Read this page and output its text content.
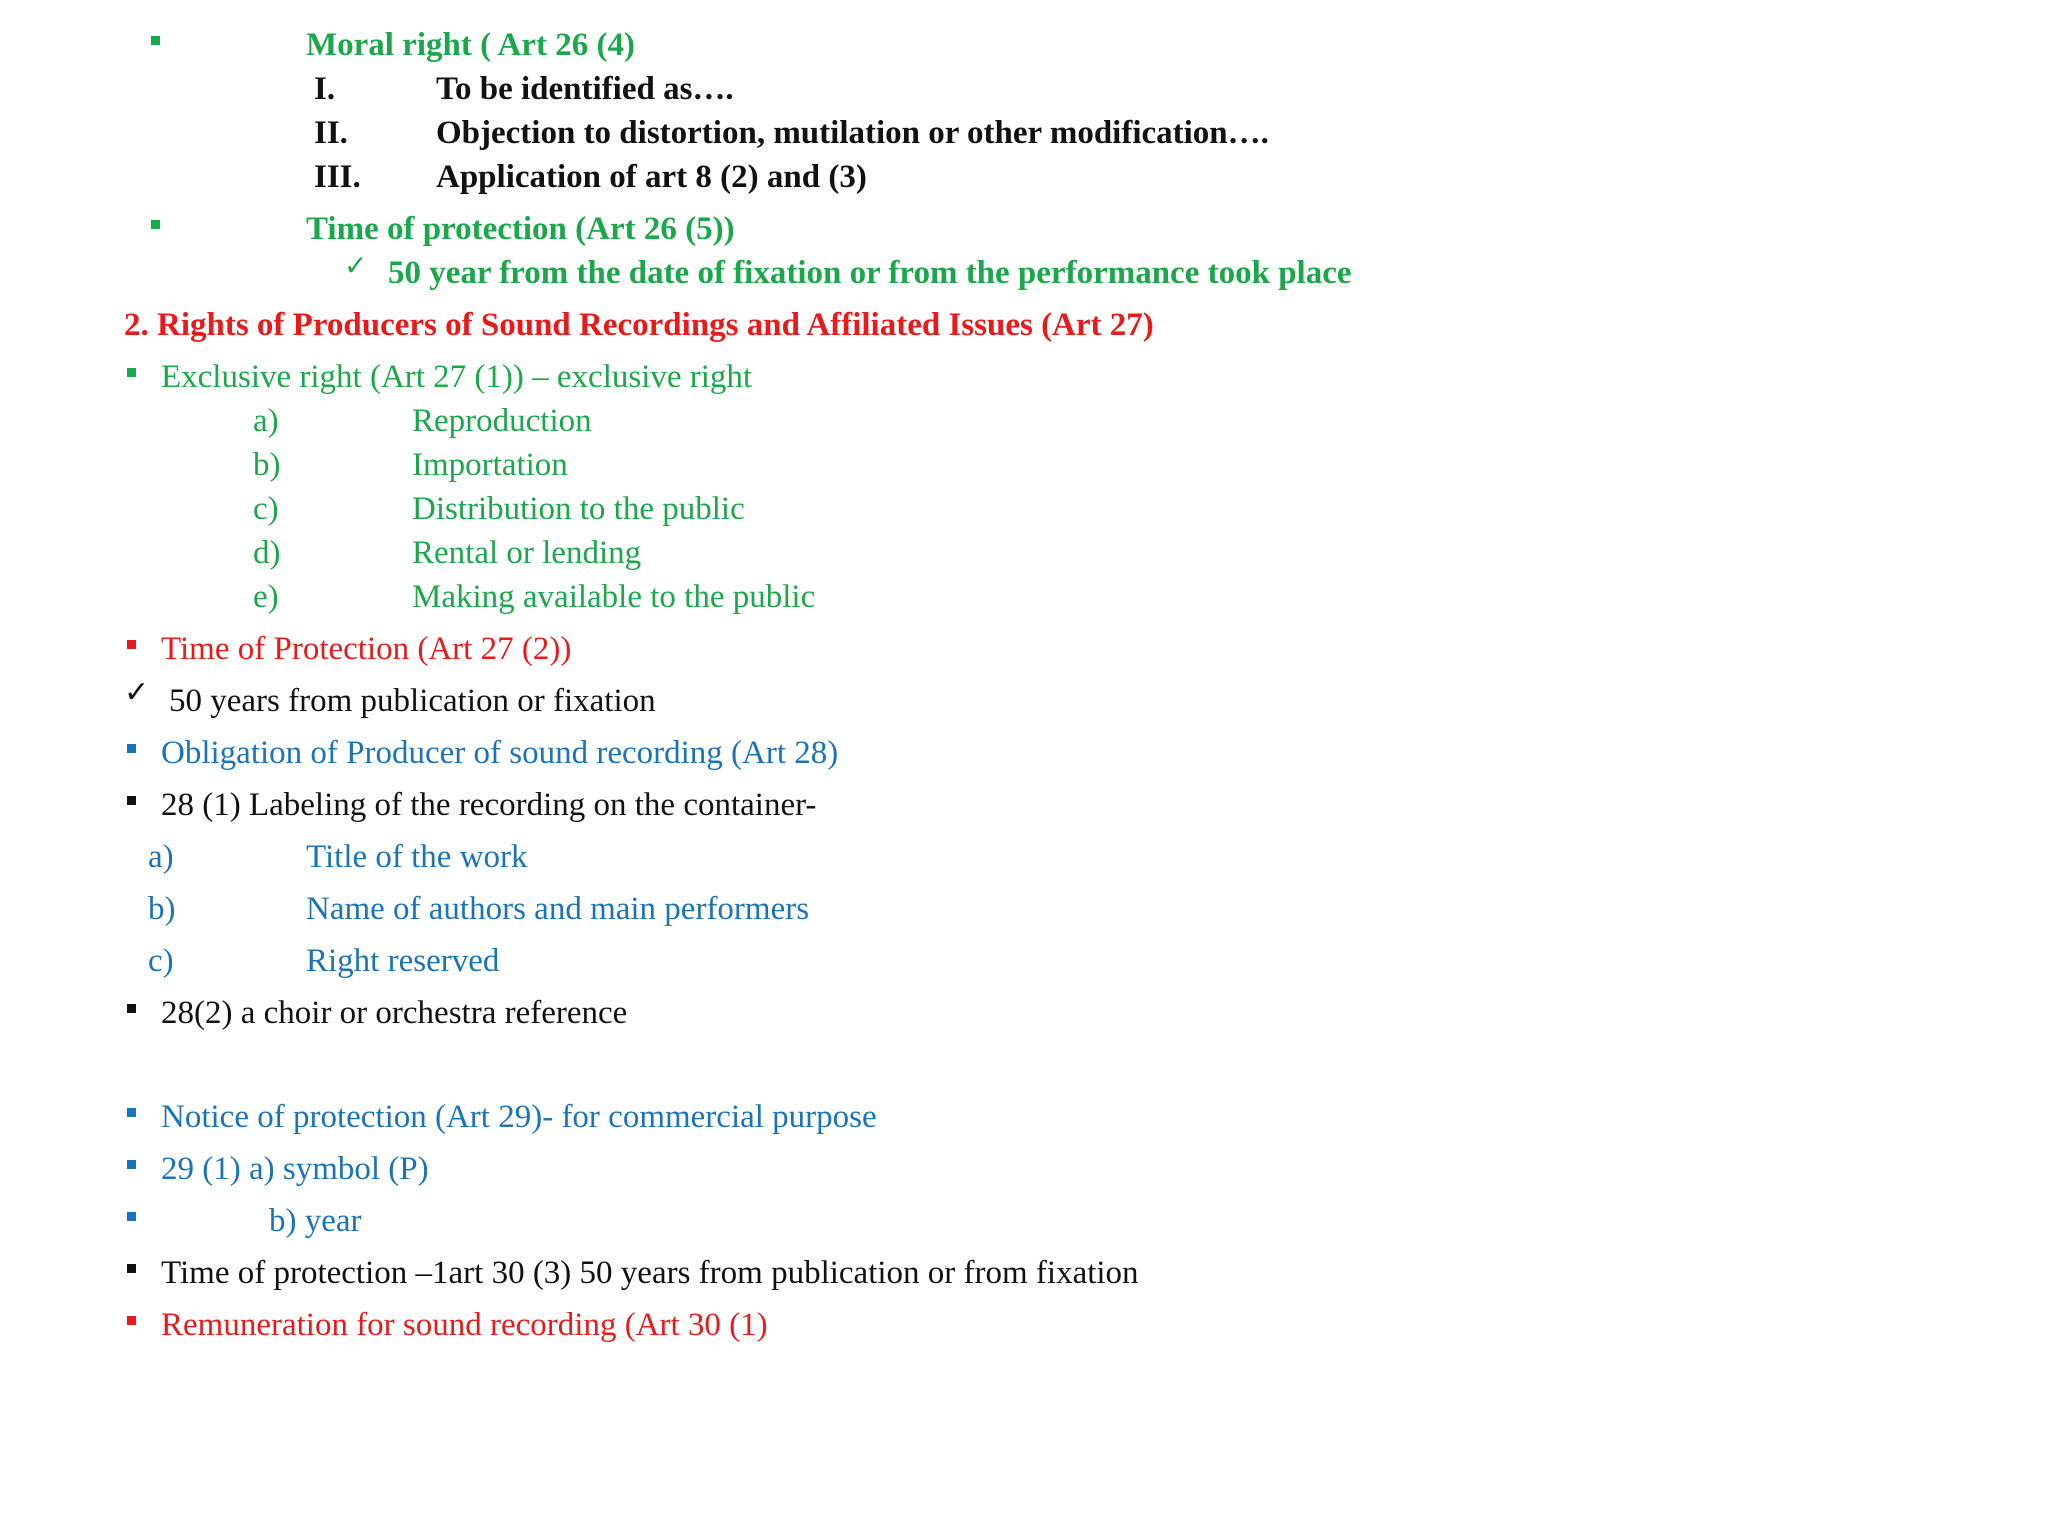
Moral right ( Art 26 (4)
I.	To be identified as….
II.	Objection to distortion, mutilation or other modification….
III. Application of art 8 (2) and (3)
Time of protection (Art 26 (5))
✓ 50 year from the date of fixation or from the performance took place
2. Rights of Producers of Sound Recordings and Affiliated Issues (Art 27)
Exclusive right (Art 27 (1)) – exclusive right
a)	Reproduction
b)	Importation
c)	Distribution to the public
d)	Rental or lending
e)	Making available to the public
Time of Protection (Art 27 (2))
✓ 50 years from publication or fixation
Obligation of Producer of sound recording (Art 28)
28 (1) Labeling of the recording on the container-
a)	Title of the work
b)	Name of authors and main performers
c)	Right reserved
28(2) a choir or orchestra reference
Notice of protection (Art 29)- for commercial purpose
29 (1) a) symbol (P)
b) year
Time of protection –1art 30 (3) 50 years from publication or from fixation
Remuneration for sound recording (Art 30 (1)
